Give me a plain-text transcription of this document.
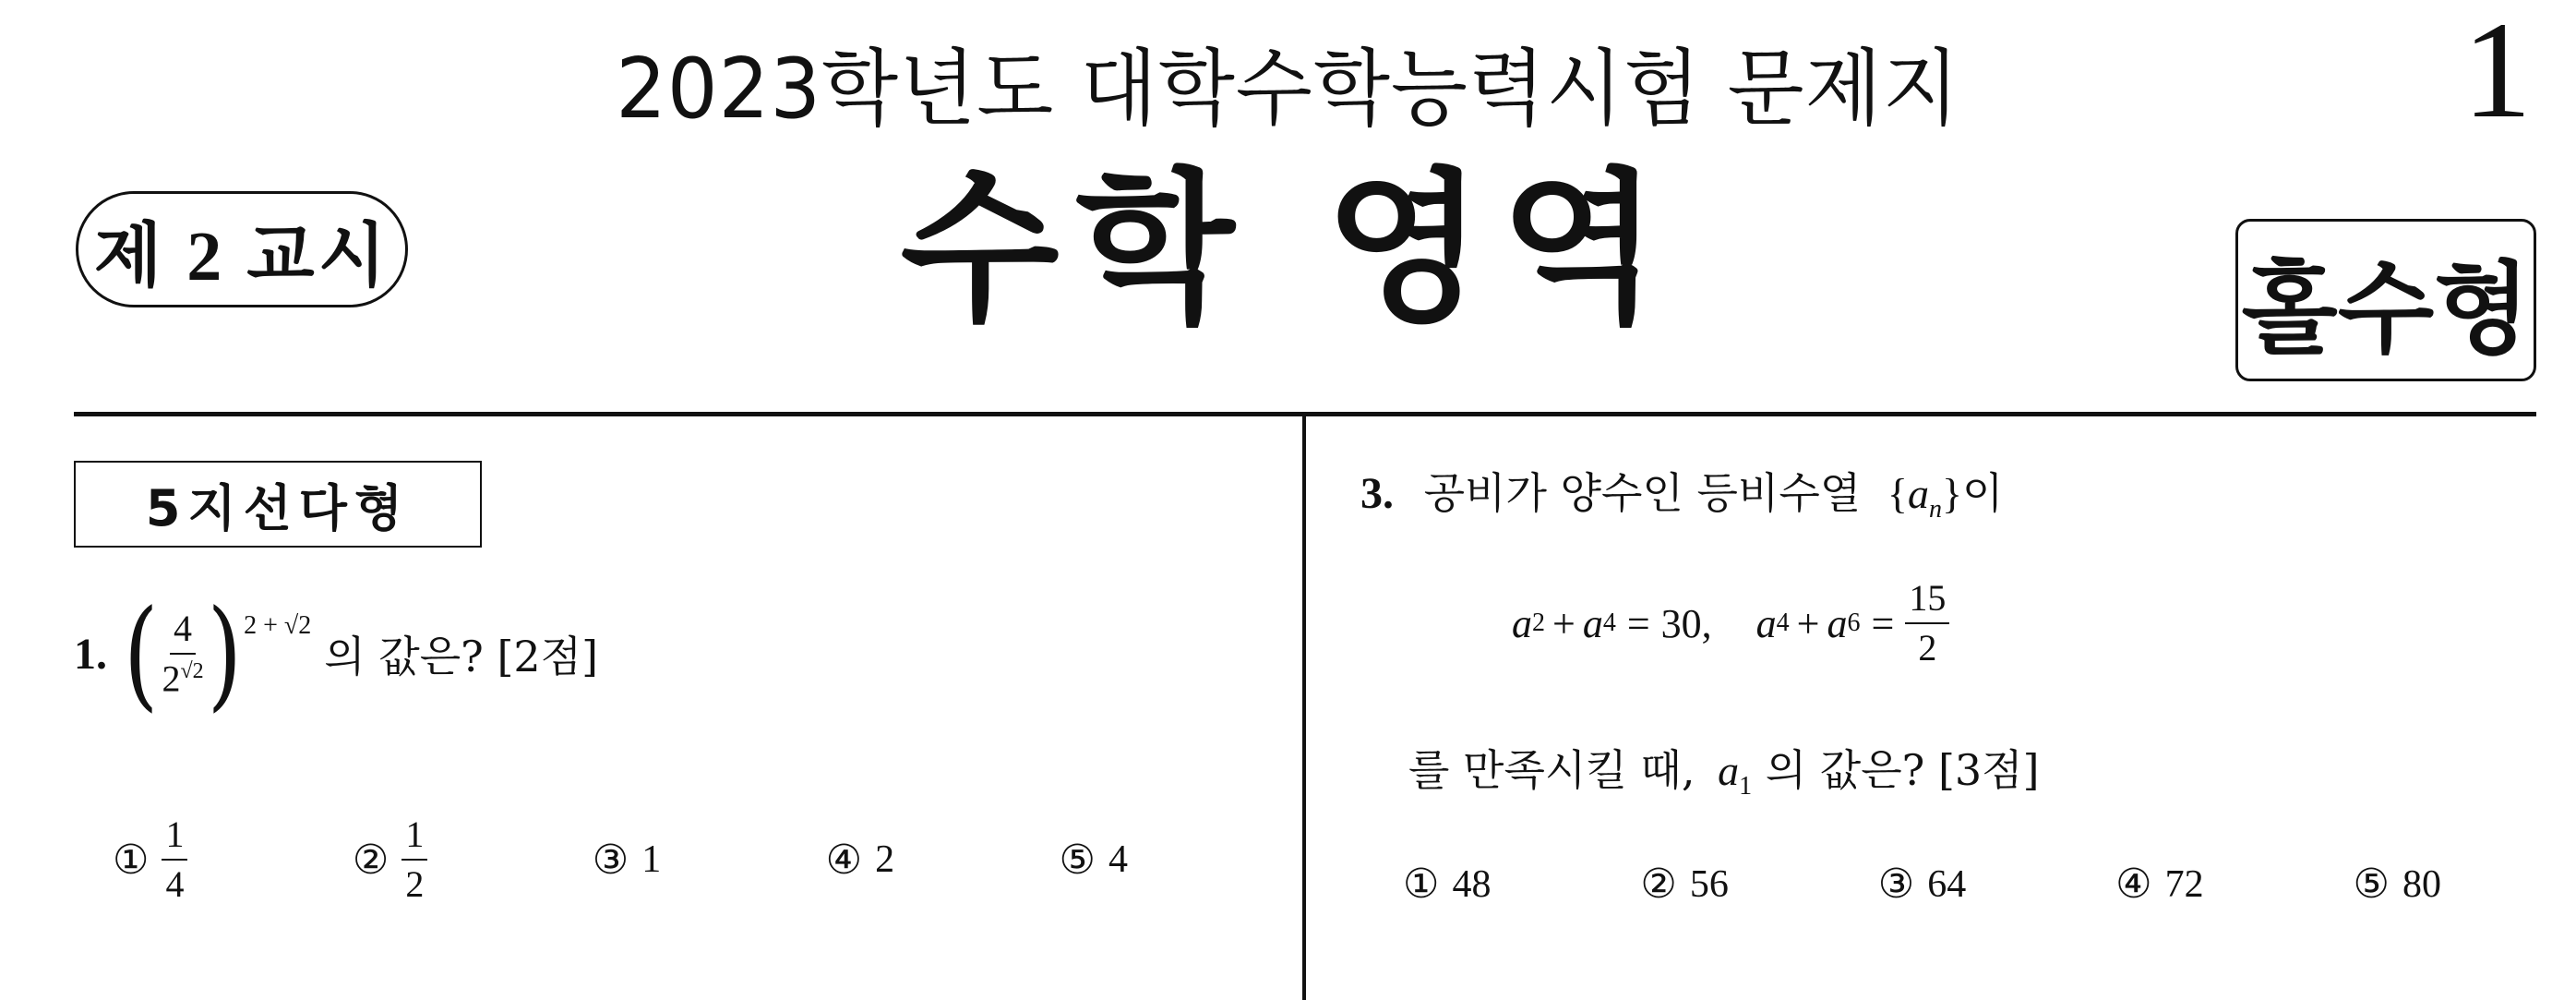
2023학년도 대학수학능력시험 문제지	1
제 2 교시	수학 영역	홀수형
5지선다형
1. ( $\frac{4}{2^{√2}} )^{2 + √2}$
의 값은? [2점]
① $\frac{1}{4}$	② $\frac{1}{2}$	③ 1	④ 2	⑤ 4
3. 공비가 양수인 등비수열 $\{a_n\}$이
a 2 + a 4 = 30 , a 4 + a $6 = \frac{15}{2}$
를 만족시킬 때, $a_1$ 의 값은? [3점]
① 48	② 56	③ 64	④ 72	⑤ 80
